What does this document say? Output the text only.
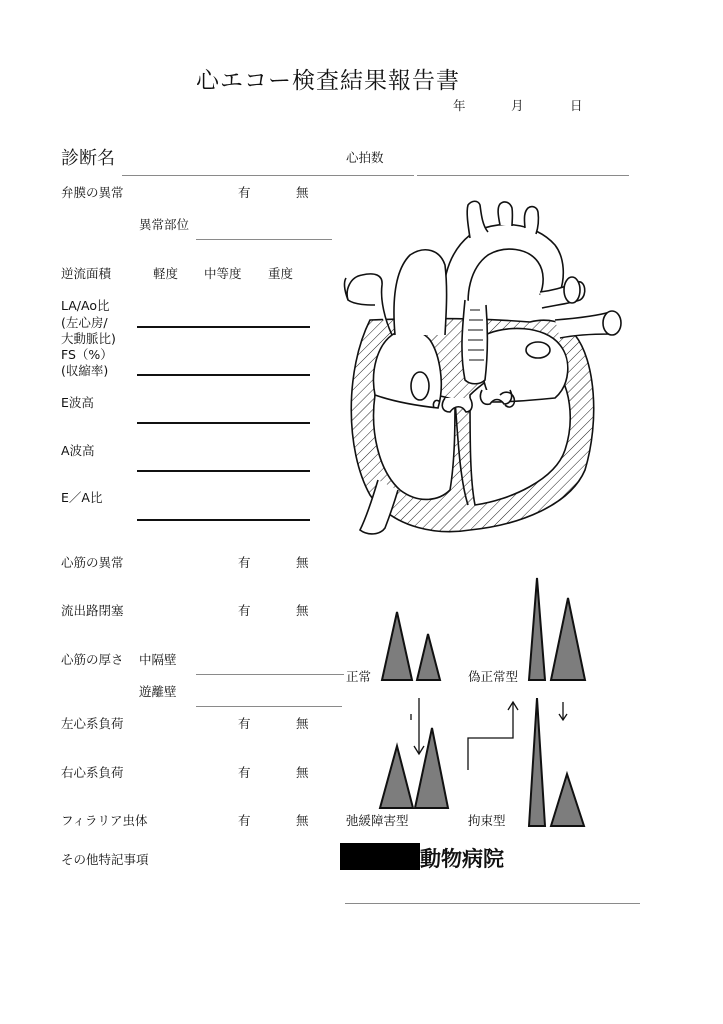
心エコー検査結果報告書
年	月	日
診断名	心拍数
弁膜の異常	有	無
異常部位
逆流面積	軽度 中等度 重度
LA/Ao比
(左心房/
大動脈比)
FS（%）
(収縮率)
E波高
A波高
E／A比
心筋の異常	有	無
流出路閉塞	有	無
心筋の厚さ 中隔壁
遊離壁
左心系負荷	有	無
右心系負荷	有	無
フィラリア虫体	有	無
その他特記事項
正常	偽正常型
弛緩障害型	拘束型
動物病院
